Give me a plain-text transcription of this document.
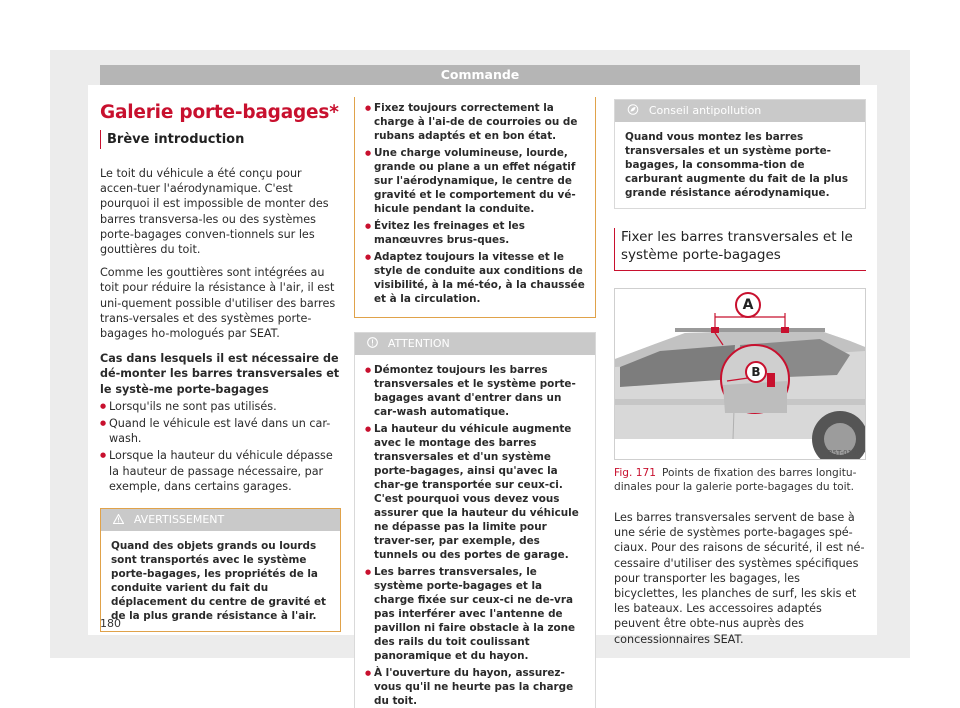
Commande
Galerie porte-bagages*
Brève introduction

Le toit du véhicule a été conçu pour accen-tuer l'aérodynamique. C'est pourquoi il est impossible de monter des barres transversa-les ou des systèmes porte-bagages conven-tionnels sur les gouttières du toit.

Comme les gouttières sont intégrées au toit pour réduire la résistance à l'air, il est uni-quement possible d'utiliser des barres trans-versales et des systèmes porte-bagages ho-mologués par SEAT.

Cas dans lesquels il est nécessaire de dé-monter les barres transversales et le systè-me porte-bagages

● Lorsqu'ils ne sont pas utilisés.
● Quand le véhicule est lavé dans un car-wash.
● Lorsque la hauteur du véhicule dépasse la hauteur de passage nécessaire, par exemple, dans certains garages.
AVERTISSEMENT
Quand des objets grands ou lourds sont transportés avec le système porte-bagages, les propriétés de la conduite varient du fait du déplacement du centre de gravité et de la plus grande résistance à l'air.
● Fixez toujours correctement la charge à l'ai-de de courroies ou de rubans adaptés et en bon état.
● Une charge volumineuse, lourde, grande ou plane a un effet négatif sur l'aérodynamique, le centre de gravité et le comportement du vé-hicule pendant la conduite.
● Évitez les freinages et les manœuvres brus-ques.
● Adaptez toujours la vitesse et le style de conduite aux conditions de visibilité, à la mé-téo, à la chaussée et à la circulation.
ATTENTION
● Démontez toujours les barres transversales et le système porte-bagages avant d'entrer dans un car-wash automatique.
● La hauteur du véhicule augmente avec le montage des barres transversales et d'un système porte-bagages, ainsi qu'avec la char-ge transportée sur ceux-ci. C'est pourquoi vous devez vous assurer que la hauteur du véhicule ne dépasse pas la limite pour traver-ser, par exemple, des tunnels ou des portes de garage.
● Les barres transversales, le système porte-bagages et la charge fixée sur ceux-ci ne de-vra pas interférer avec l'antenne de pavillon ni faire obstacle à la zone des rails du toit coulissant panoramique et du hayon.
● À l'ouverture du hayon, assurez-vous qu'il ne heurte pas la charge du toit.
Conseil antipollution
Quand vous montez les barres transversales et un système porte-bagages, la consomma-tion de carburant augmente du fait de la plus grande résistance aérodynamique.
Fixer les barres transversales et le système porte-bagages
A
B
B5T-0186
Fig. 171 Points de fixation des barres longitu-dinales pour la galerie porte-bagages du toit.

Les barres transversales servent de base à une série de systèmes porte-bagages spé-ciaux. Pour des raisons de sécurité, il est né-cessaire d'utiliser des systèmes spécifiques pour transporter les bagages, les bicyclettes, les planches de surf, les skis et les bateaux. Les accessoires adaptés peuvent être obte-nus auprès des concessionnaires SEAT.

180
